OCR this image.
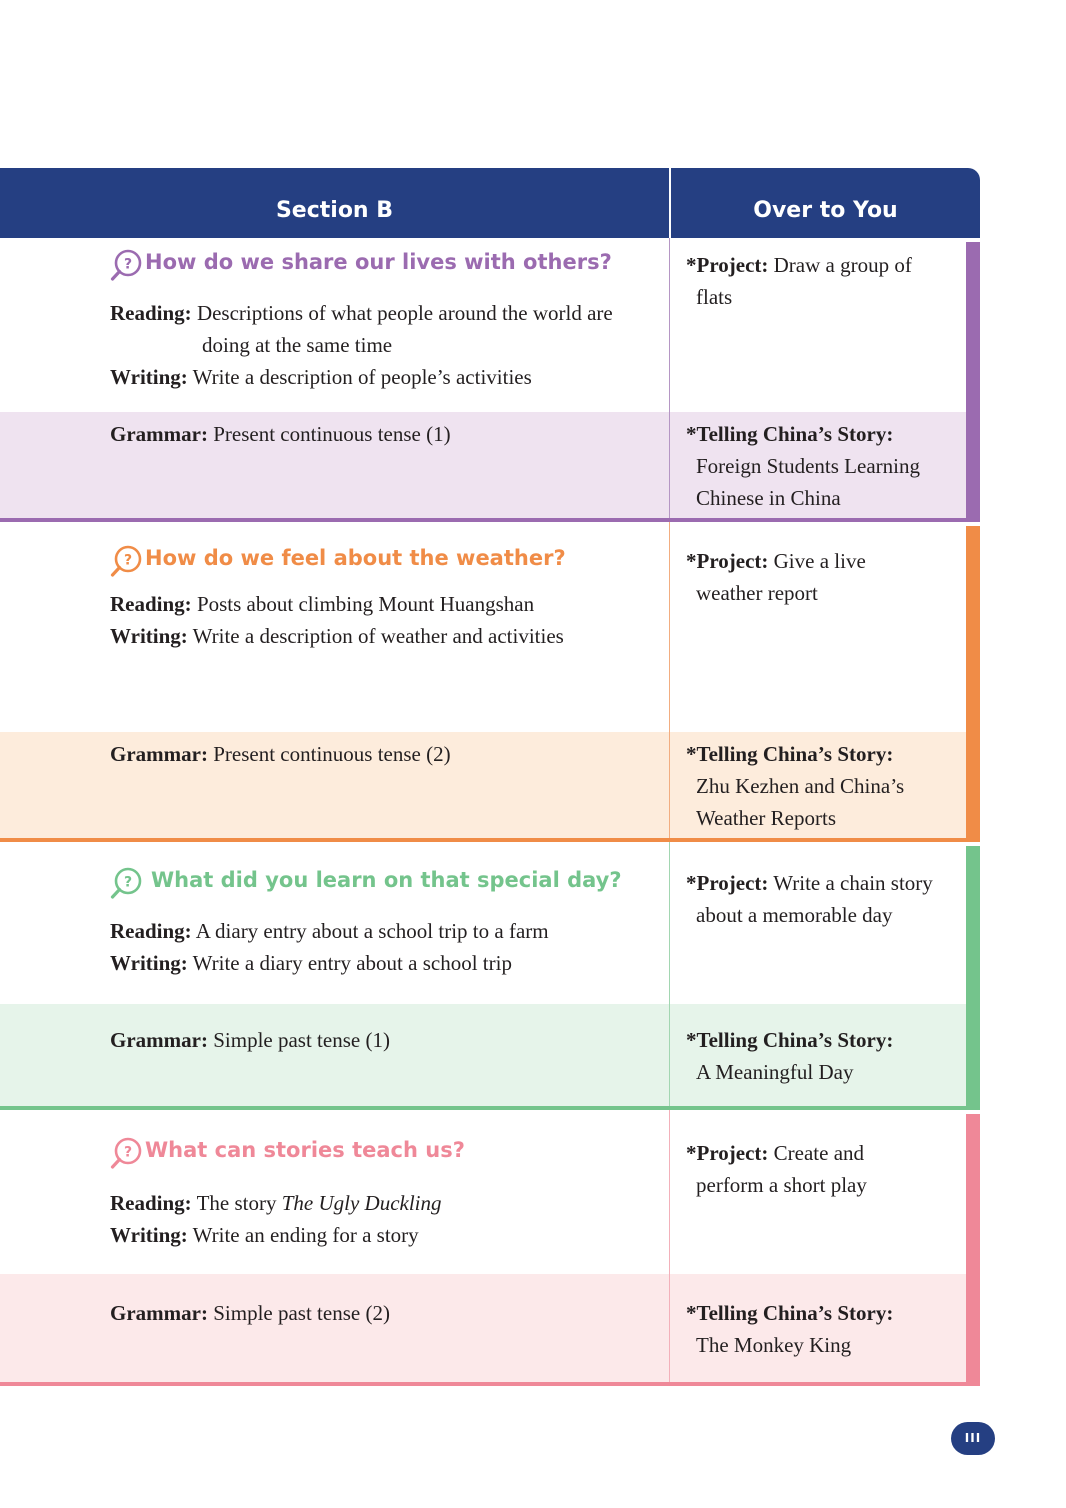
Section B	Over to You
? How do we share our lives with others?
Reading: Descriptions of what people around the world are
doing at the same time
Writing: Write a description of people’s activities
Grammar: Present continuous tense (1)
*Project: Draw a group of
flats
*Telling China’s Story:
Foreign Students Learning
Chinese in China
? How do we feel about the weather?
Reading: Posts about climbing Mount Huangshan
Writing: Write a description of weather and activities
Grammar: Present continuous tense (2)
*Project: Give a live
weather report
*Telling China’s Story:
Zhu Kezhen and China’s
Weather Reports
? What did you learn on that special day?
Reading: A diary entry about a school trip to a farm
Writing: Write a diary entry about a school trip
Grammar: Simple past tense (1)
*Project: Write a chain story
about a memorable day
*Telling China’s Story:
A Meaningful Day
? What can stories teach us?
Reading: The story The Ugly Duckling
Writing: Write an ending for a story
Grammar: Simple past tense (2)
*Project: Create and
perform a short play
*Telling China’s Story:
The Monkey King
III
